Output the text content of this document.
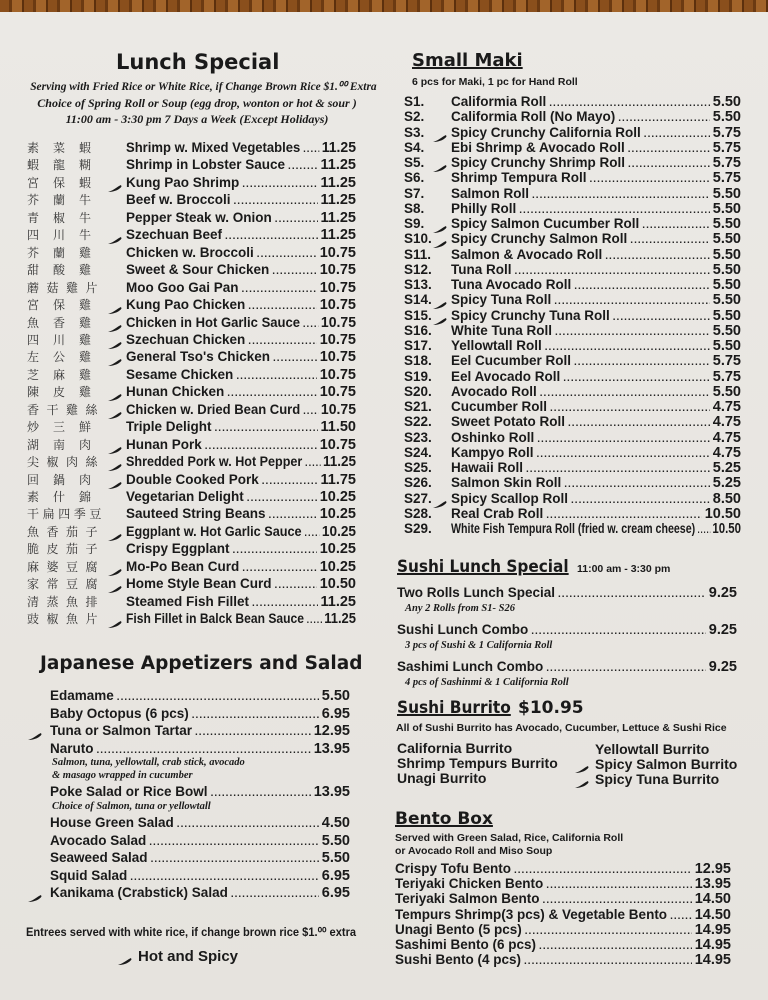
Lunch Special
Serving with Fried Rice or White Rice, if Change Brown Rice $1.⁰⁰ Extra
Choice of Spring Roll or Soup (egg drop, wonton or hot & sour )
11:00 am - 3:30 pm 7 Days a Week (Except Holidays)
Japanese Appetizers and Salad
Entrees served with white rice, if change brown rice $1.⁰⁰ extra
Hot and Spicy
Small Maki
6 pcs for Maki, 1 pc for Hand Roll
Sushi Lunch Special 11:00 am - 3:30 pm
Sushi Burrito $10.95
All of Sushi Burrito has Avocado, Cucumber, Lettuce & Sushi Rice
Bento Box
Served with Green Salad, Rice, California Roll
or Avocado Roll and Miso Soup
素菜蝦 Shrimp w. Mixed Vegetables ..... 11.25
蝦龍糊 Shrimp in Lobster Sauce ..... 11.25
宮保蝦 Kung Pao Shrimp .....	11.25
芥蘭牛 Beef w. Broccoli .....	11.25
青椒牛 Pepper Steak w. Onion .....	11.25
四川牛 Szechuan Beef .....	11.25
芥蘭雞 Chicken w. Broccoli .....	10.75
甜酸雞 Sweet & Sour Chicken .....	10.75
蘑菇雞片 Moo Goo Gai Pan .....	10.75
宮保雞 Kung Pao Chicken .....	10.75
魚香雞 Chicken in Hot Garlic Sauce ..... 10.75
四川雞 Szechuan Chicken .....	10.75
左公雞 General Tso's Chicken .....	10.75
芝麻雞 Sesame Chicken .....	10.75
陳皮雞 Hunan Chicken .....	10.75
香干雞絲 Chicken w. Dried Bean Curd ..... 10.75
炒三鮮 Triple Delight .....	11.50
湖南肉 Hunan Pork .....	10.75
尖椒肉絲 Shredded Pork w. Hot Pepper ..... 11.25
回鍋肉 Double Cooked Pork .....	11.75
素什錦 Vegetarian Delight .....	10.25
干扁四季豆 Sauteed String Beans .....	10.25
魚香茄子 Eggplant w. Hot Garlic Sauce ..... 10.25
脆皮茄子 Crispy Eggplant .....	10.25
麻婆豆腐 Mo-Po Bean Curd .....	10.25
家常豆腐 Home Style Bean Curd .....	10.50
清蒸魚排 Steamed Fish Fillet .....	11.25
豉椒魚片 Fish Fillet in Balck Bean Sauce ..... 11.25
Edamame .....	5.50
Baby Octopus (6 pcs) .....	6.95
Tuna or Salmon Tartar .....	12.95
Naruto .....	13.95
Salmon, tuna, yellowtall, crab stick, avocado
& masago wrapped in cucumber
Poke Salad or Rice Bowl .....	13.95
Choice of Salmon, tuna or yellowtall
House Green Salad .....	4.50
Avocado Salad .....	5.50
Seaweed Salad .....	5.50
Squid Salad .....	6.95
Kanikama (Crabstick) Salad .....	6.95
S1. Califormia Roll .....	5.50
S2. Califormia Roll (No Mayo) .....	5.50
S3. Spicy Crunchy California Roll .....	5.75
S4. Ebi Shrimp & Avocado Roll .....	5.75
S5. Spicy Crunchy Shrimp Roll .....	5.75
S6. Shrimp Tempura Roll .....	5.75
S7. Salmon Roll .....	5.50
S8. Philly Roll .....	5.50
S9. Spicy Salmon Cucumber Roll .....	5.50
S10. Spicy Crunchy Salmon Roll .....	5.50
S11. Salmon & Avocado Roll .....	5.50
S12. Tuna Roll .....	5.50
S13. Tuna Avocado Roll .....	5.50
S14. Spicy Tuna Roll .....	5.50
S15. Spicy Crunchy Tuna Roll .....	5.50
S16. White Tuna Roll .....	5.50
S17. Yellowtall Roll .....	5.50
S18. Eel Cucumber Roll .....	5.75
S19. Eel Avocado Roll .....	5.75
S20. Avocado Roll .....	5.50
S21. Cucumber Roll .....	4.75
S22. Sweet Potato Roll .....	4.75
S23. Oshinko Roll .....	4.75
S24. Kampyo Roll .....	4.75
S25. Hawaii Roll .....	5.25
S26. Salmon Skin Roll .....	5.25
S27. Spicy Scallop Roll .....	8.50
S28. Real Crab Roll .....	10.50
S29. White Fish Tempura Roll (fried w. cream cheese) ..... 10.50
Two Rolls Lunch Special .....	9.25
Any 2 Rolls from S1- S26
Sushi Lunch Combo .....	9.25
3 pcs of Sushi & 1 California Roll
Sashimi Lunch Combo .....	9.25
4 pcs of Sashinmi & 1 California Roll
California Burrito
Shrimp Tempurs Burrito
Unagi Burrito
Yellowtall Burrito
Spicy Salmon Burrito
Spicy Tuna Burrito
Crispy Tofu Bento .....	12.95
Teriyaki Chicken Bento .....	13.95
Teriyaki Salmon Bento .....	14.50
Tempurs Shrimp(3 pcs) & Vegetable Bento ..... 14.50
Unagi Bento (5 pcs) .....	14.95
Sashimi Bento (6 pcs) .....	14.95
Sushi Bento (4 pcs) .....	14.95
